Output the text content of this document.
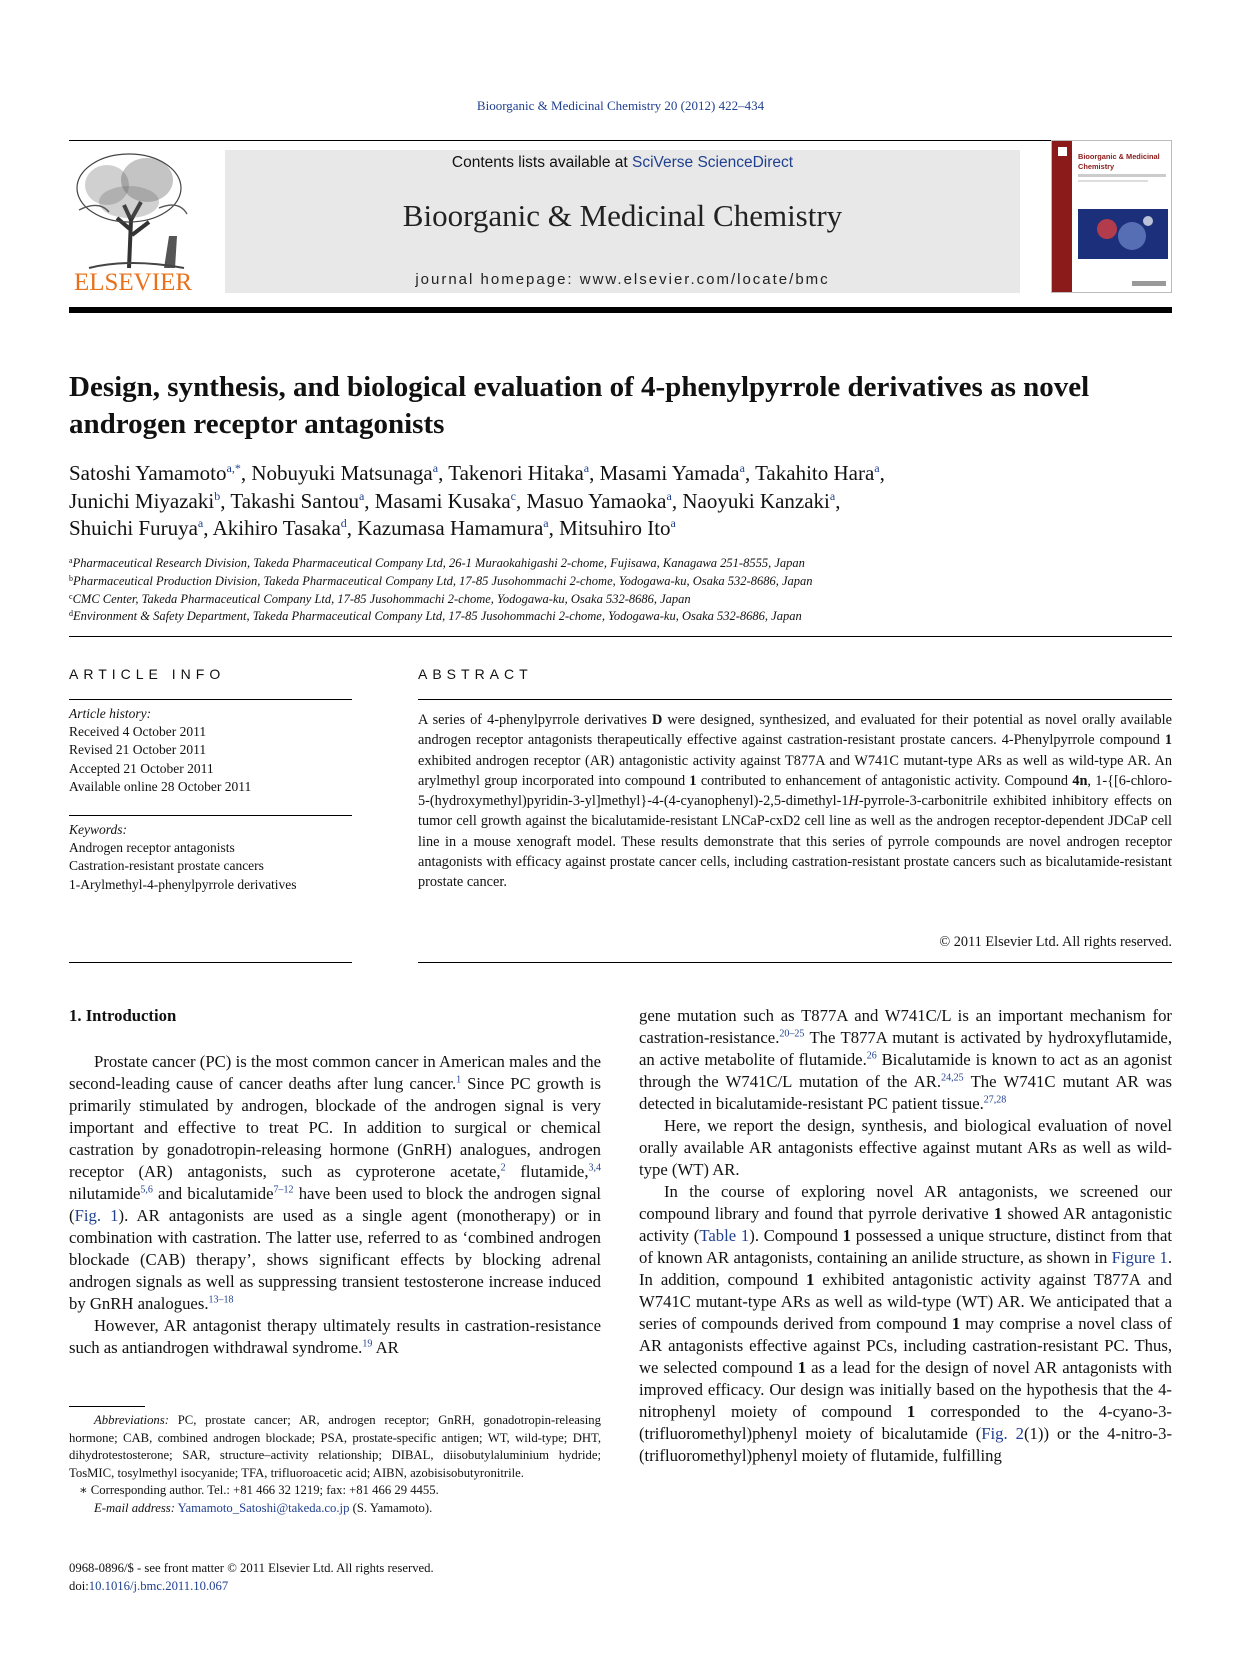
Bioorganic & Medicinal Chemistry 20 (2012) 422–434
ELSEVIER
Contents lists available at SciVerse ScienceDirect
Bioorganic & Medicinal Chemistry
journal homepage: www.elsevier.com/locate/bmc
Bioorganic & Medicinal
Chemistry
Design, synthesis, and biological evaluation of 4-phenylpyrrole derivatives as novel androgen receptor antagonists
Satoshi Yamamoto$^{a,*}$, Nobuyuki Matsunaga$^a$, Takenori Hitaka$^a$, Masami Yamada$^a$, Takahito Hara$^a$,
Junichi Miyazaki$^b$, Takashi Santou$^a$, Masami Kusaka$^c$, Masuo Yamaoka$^a$, Naoyuki Kanzaki$^a$,
Shuichi Furuya$^a$, Akihiro Tasaka$^d$, Kazumasa Hamamura$^a$, Mitsuhiro Ito$^a$
$^a$Pharmaceutical Research Division, Takeda Pharmaceutical Company Ltd, 26-1 Muraokahigashi 2-chome, Fujisawa, Kanagawa 251-8555, Japan
$^b$Pharmaceutical Production Division, Takeda Pharmaceutical Company Ltd, 17-85 Jusohommachi 2-chome, Yodogawa-ku, Osaka 532-8686, Japan
$^c$CMC Center, Takeda Pharmaceutical Company Ltd, 17-85 Jusohommachi 2-chome, Yodogawa-ku, Osaka 532-8686, Japan
$^d$Environment & Safety Department, Takeda Pharmaceutical Company Ltd, 17-85 Jusohommachi 2-chome, Yodogawa-ku, Osaka 532-8686, Japan
ARTICLE INFO
Article history:
Received 4 October 2011
Revised 21 October 2011
Accepted 21 October 2011
Available online 28 October 2011
Keywords:
Androgen receptor antagonists
Castration-resistant prostate cancers
1-Arylmethyl-4-phenylpyrrole derivatives
ABSTRACT
A series of 4-phenylpyrrole derivatives D were designed, synthesized, and evaluated for their potential as novel orally available androgen receptor antagonists therapeutically effective against castration-resistant prostate cancers. 4-Phenylpyrrole compound 1 exhibited androgen receptor (AR) antagonistic activity against T877A and W741C mutant-type ARs as well as wild-type AR. An arylmethyl group incorporated into compound 1 contributed to enhancement of antagonistic activity. Compound 4n, 1-{[6-chloro-5-(hydroxymethyl)pyridin-3-yl]methyl}-4-(4-cyanophenyl)-2,5-dimethyl-1H-pyrrole-3-carbonitrile exhibited inhibitory effects on tumor cell growth against the bicalutamide-resistant LNCaP-cxD2 cell line as well as the androgen receptor-dependent JDCaP cell line in a mouse xenograft model. These results demonstrate that this series of pyrrole compounds are novel androgen receptor antagonists with efficacy against prostate cancer cells, including castration-resistant prostate cancers such as bicalutamide-resistant prostate cancer.
© 2011 Elsevier Ltd. All rights reserved.
1. Introduction

Prostate cancer (PC) is the most common cancer in American males and the second-leading cause of cancer deaths after lung cancer.$^1$ Since PC growth is primarily stimulated by androgen, blockade of the androgen signal is very important and effective to treat PC. In addition to surgical or chemical castration by gonadotropin-releasing hormone (GnRH) analogues, androgen receptor (AR) antagonists, such as cyproterone acetate,$^2$ flutamide,$^{3,4}$ nilutamide$^{5,6}$ and bicalutamide$^{7-12}$ have been used to block the androgen signal (Fig. 1). AR antagonists are used as a single agent (monotherapy) or in combination with castration. The latter use, referred to as ‘combined androgen blockade (CAB) therapy’, shows significant effects by blocking adrenal androgen signals as well as suppressing transient testosterone increase induced by GnRH analogues.$^{13-18}$

However, AR antagonist therapy ultimately results in castration-resistance such as antiandrogen withdrawal syndrome.$^{19}$ AR

gene mutation such as T877A and W741C/L is an important mechanism for castration-resistance.$^{20-25}$ The T877A mutant is activated by hydroxyflutamide, an active metabolite of flutamide.$^{26}$ Bicalutamide is known to act as an agonist through the W741C/L mutation of the AR.$^{24,25}$ The W741C mutant AR was detected in bicalutamide-resistant PC patient tissue.$^{27,28}$

Here, we report the design, synthesis, and biological evaluation of novel orally available AR antagonists effective against mutant ARs as well as wild-type (WT) AR.

In the course of exploring novel AR antagonists, we screened our compound library and found that pyrrole derivative 1 showed AR antagonistic activity (Table 1). Compound 1 possessed a unique structure, distinct from that of known AR antagonists, containing an anilide structure, as shown in Figure 1. In addition, compound 1 exhibited antagonistic activity against T877A and W741C mutant-type ARs as well as wild-type (WT) AR. We anticipated that a series of compounds derived from compound 1 may comprise a novel class of AR antagonists effective against PCs, including castration-resistant PC. Thus, we selected compound 1 as a lead for the design of novel AR antagonists with improved efficacy. Our design was initially based on the hypothesis that the 4-nitrophenyl moiety of compound 1 corresponded to the 4-cyano-3-(trifluoromethyl)phenyl moiety of bicalutamide (Fig. 2(1)) or the 4-nitro-3-(trifluoromethyl)phenyl moiety of flutamide, fulfilling

Abbreviations: PC, prostate cancer; AR, androgen receptor; GnRH, gonadotropin-releasing hormone; CAB, combined androgen blockade; PSA, prostate-specific antigen; WT, wild-type; DHT, dihydrotestosterone; SAR, structure–activity relationship; DIBAL, diisobutylaluminium hydride; TosMIC, tosylmethyl isocyanide; TFA, trifluoroacetic acid; AIBN, azobisisobutyronitrile.

∗ Corresponding author. Tel.: +81 466 32 1219; fax: +81 466 29 4455.

E-mail address: Yamamoto_Satoshi@takeda.co.jp (S. Yamamoto).

0968-0896/$ - see front matter © 2011 Elsevier Ltd. All rights reserved.
doi:10.1016/j.bmc.2011.10.067
